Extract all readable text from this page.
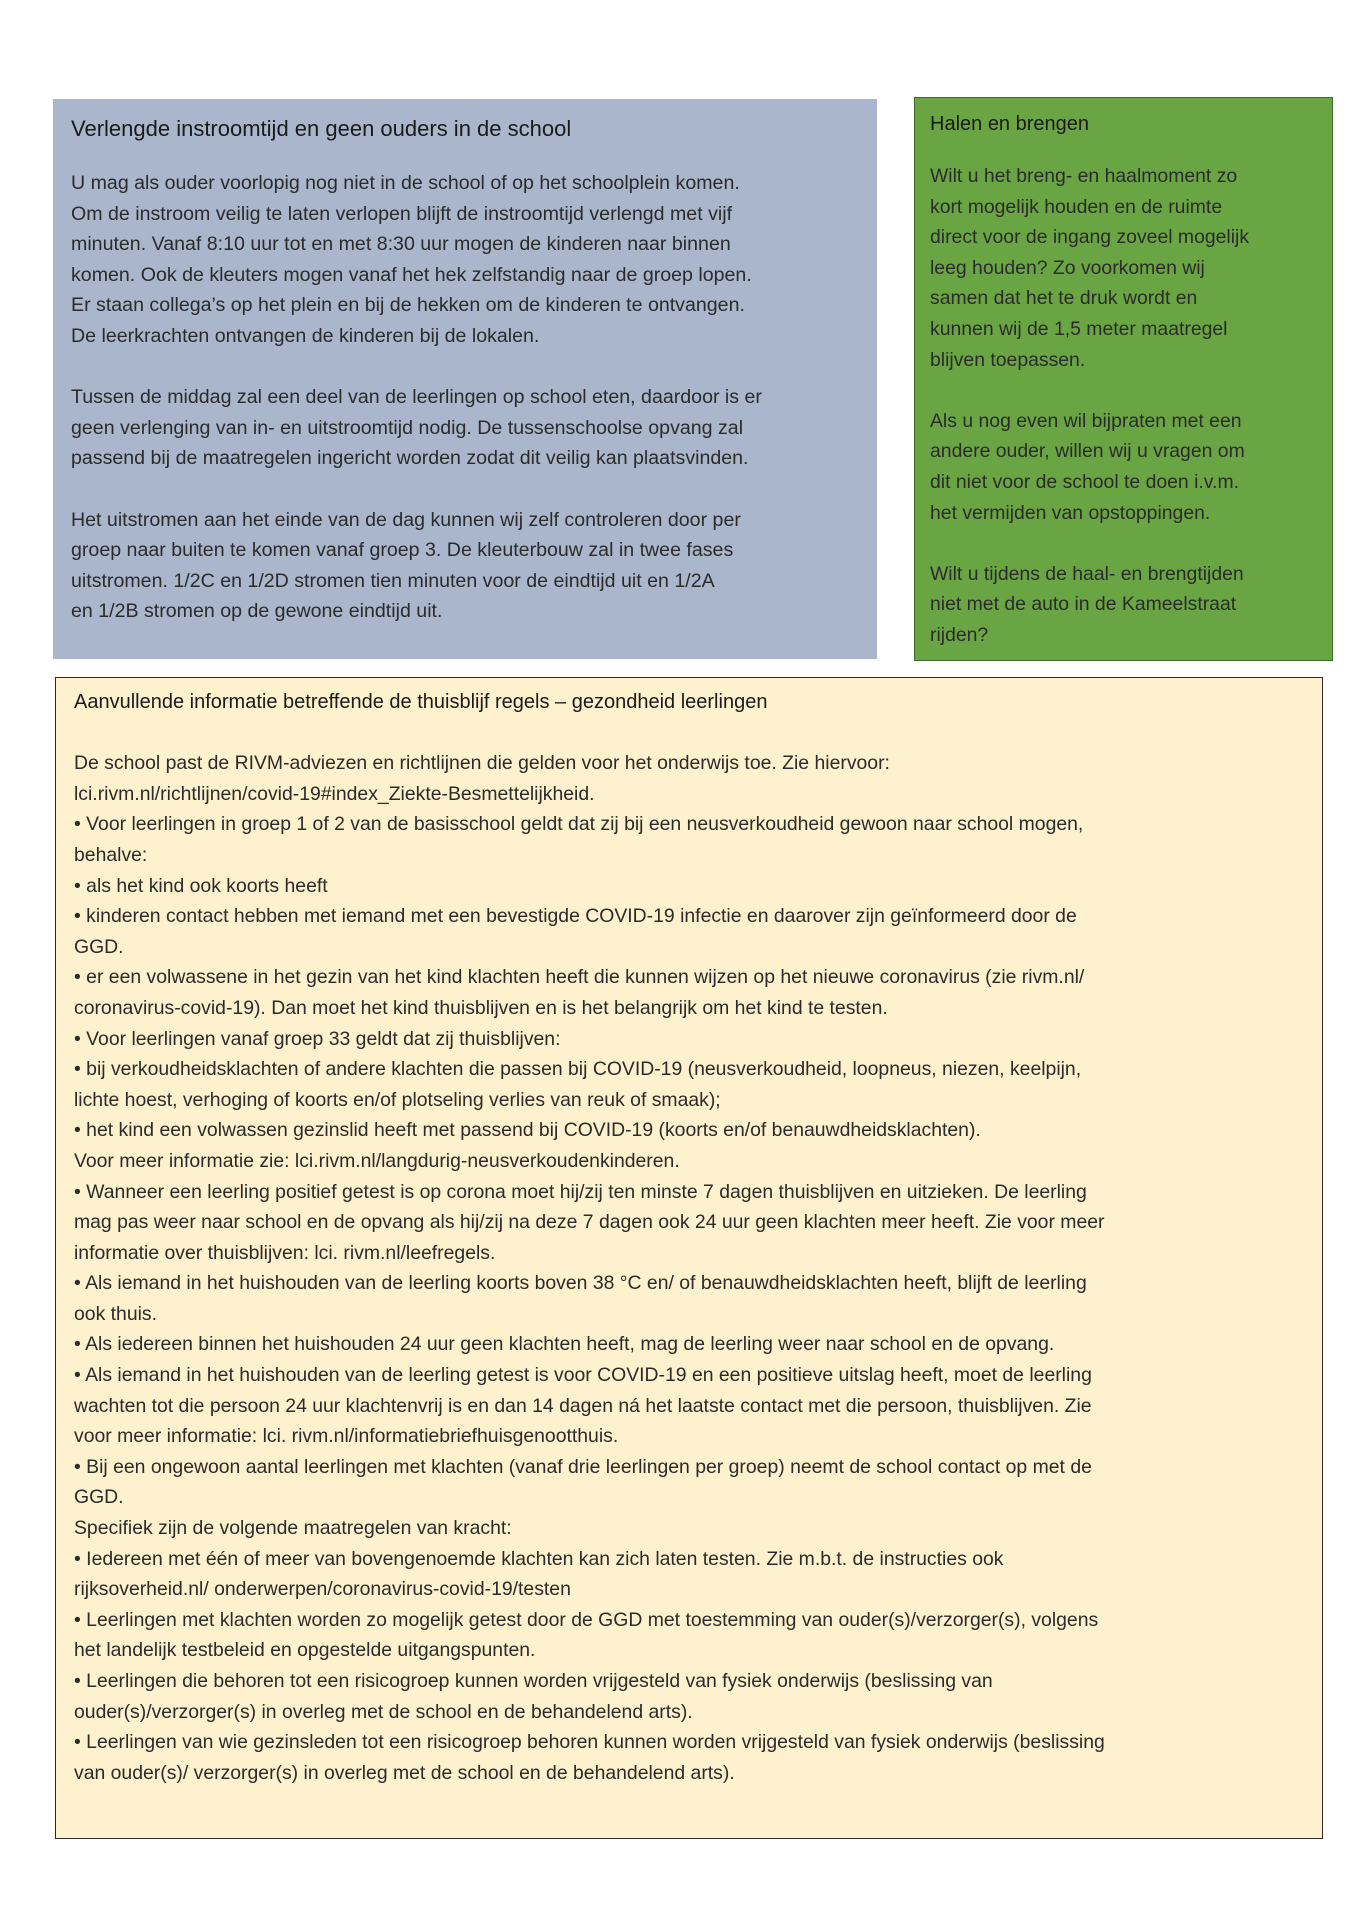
Verlengde instroomtijd en geen ouders in de school

U mag als ouder voorlopig nog niet in de school of op het schoolplein komen.
Om de instroom veilig te laten verlopen blijft de instroomtijd verlengd met vijf
minuten. Vanaf 8:10 uur tot en met 8:30 uur mogen de kinderen naar binnen
komen. Ook de kleuters mogen vanaf het hek zelfstandig naar de groep lopen.
Er staan collega’s op het plein en bij de hekken om de kinderen te ontvangen.
De leerkrachten ontvangen de kinderen bij de lokalen.

Tussen de middag zal een deel van de leerlingen op school eten, daardoor is er
geen verlenging van in- en uitstroomtijd nodig. De tussenschoolse opvang zal
passend bij de maatregelen ingericht worden zodat dit veilig kan plaatsvinden.

Het uitstromen aan het einde van de dag kunnen wij zelf controleren door per
groep naar buiten te komen vanaf groep 3. De kleuterbouw zal in twee fases
uitstromen. 1/2C en 1/2D stromen tien minuten voor de eindtijd uit en 1/2A
en 1/2B stromen op de gewone eindtijd uit.

Halen en brengen

Wilt u het breng- en haalmoment zo
kort mogelijk houden en de ruimte
direct voor de ingang zoveel mogelijk
leeg houden? Zo voorkomen wij
samen dat het te druk wordt en
kunnen wij de 1,5 meter maatregel
blijven toepassen.

Als u nog even wil bijpraten met een
andere ouder, willen wij u vragen om
dit niet voor de school te doen i.v.m.
het vermijden van opstoppingen.

Wilt u tijdens de haal- en brengtijden
niet met de auto in de Kameelstraat
rijden?

Aanvullende informatie betreffende de thuisblijf regels – gezondheid leerlingen

De school past de RIVM-adviezen en richtlijnen die gelden voor het onderwijs toe. Zie hiervoor:
lci.rivm.nl/richtlijnen/covid-19#index_Ziekte-Besmettelijkheid.
• Voor leerlingen in groep 1 of 2 van de basisschool geldt dat zij bij een neusverkoudheid gewoon naar school mogen,
behalve:
• als het kind ook koorts heeft
• kinderen contact hebben met iemand met een bevestigde COVID-19 infectie en daarover zijn geïnformeerd door de
GGD.
• er een volwassene in het gezin van het kind klachten heeft die kunnen wijzen op het nieuwe coronavirus (zie rivm.nl/
coronavirus-covid-19). Dan moet het kind thuisblijven en is het belangrijk om het kind te testen.
• Voor leerlingen vanaf groep 33 geldt dat zij thuisblijven:
• bij verkoudheidsklachten of andere klachten die passen bij COVID-19 (neusverkoudheid, loopneus, niezen, keelpijn,
lichte hoest, verhoging of koorts en/of plotseling verlies van reuk of smaak);
• het kind een volwassen gezinslid heeft met passend bij COVID-19 (koorts en/of benauwdheidsklachten).
Voor meer informatie zie: lci.rivm.nl/langdurig-neusverkoudenkinderen.
• Wanneer een leerling positief getest is op corona moet hij/zij ten minste 7 dagen thuisblijven en uitzieken. De leerling
mag pas weer naar school en de opvang als hij/zij na deze 7 dagen ook 24 uur geen klachten meer heeft. Zie voor meer
informatie over thuisblijven: lci. rivm.nl/leefregels.
• Als iemand in het huishouden van de leerling koorts boven 38 °C en/ of benauwdheidsklachten heeft, blijft de leerling
ook thuis.
• Als iedereen binnen het huishouden 24 uur geen klachten heeft, mag de leerling weer naar school en de opvang.
• Als iemand in het huishouden van de leerling getest is voor COVID-19 en een positieve uitslag heeft, moet de leerling
wachten tot die persoon 24 uur klachtenvrij is en dan 14 dagen ná het laatste contact met die persoon, thuisblijven. Zie
voor meer informatie: lci. rivm.nl/informatiebriefhuisgenootthuis.
• Bij een ongewoon aantal leerlingen met klachten (vanaf drie leerlingen per groep) neemt de school contact op met de
GGD.
Specifiek zijn de volgende maatregelen van kracht:
• Iedereen met één of meer van bovengenoemde klachten kan zich laten testen. Zie m.b.t. de instructies ook
rijksoverheid.nl/ onderwerpen/coronavirus-covid-19/testen
• Leerlingen met klachten worden zo mogelijk getest door de GGD met toestemming van ouder(s)/verzorger(s), volgens
het landelijk testbeleid en opgestelde uitgangspunten.
• Leerlingen die behoren tot een risicogroep kunnen worden vrijgesteld van fysiek onderwijs (beslissing van
ouder(s)/verzorger(s) in overleg met de school en de behandelend arts).
• Leerlingen van wie gezinsleden tot een risicogroep behoren kunnen worden vrijgesteld van fysiek onderwijs (beslissing
van ouder(s)/ verzorger(s) in overleg met de school en de behandelend arts).
